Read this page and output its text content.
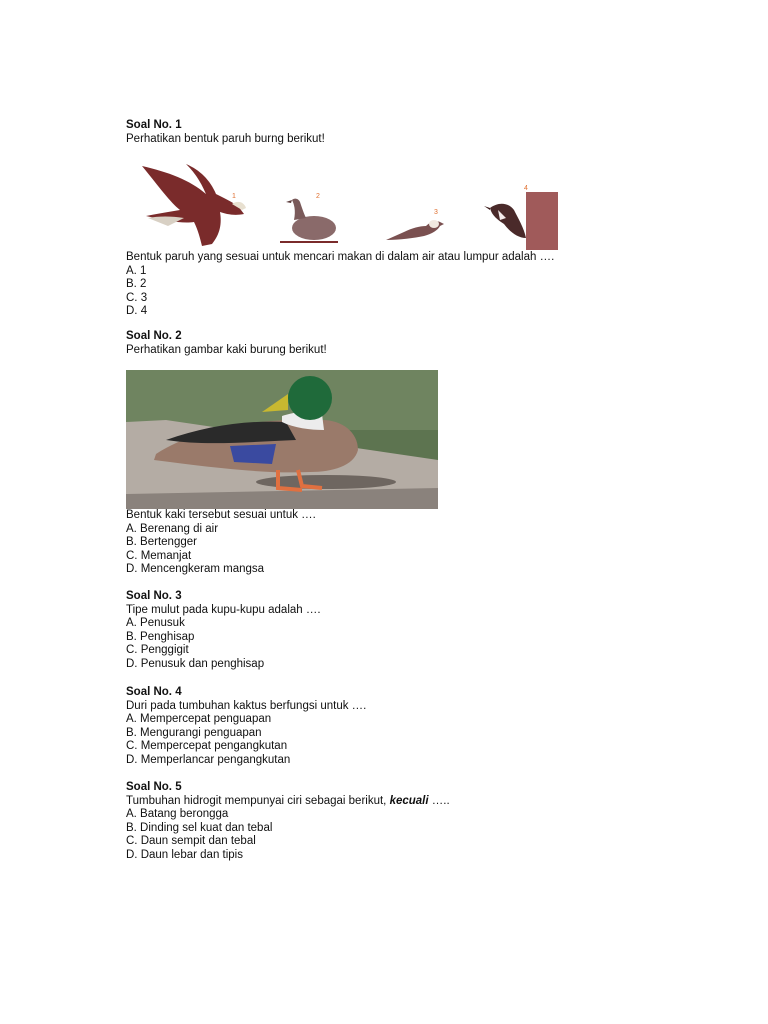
Soal No. 1

Perhatikan bentuk paruh burng berikut!

1	2
3
4

Bentuk paruh yang sesuai untuk mencari makan di dalam air atau lumpur adalah ….

A. 1

B. 2

C. 3

D. 4

Soal No. 2

Perhatikan gambar kaki burung berikut!

Bentuk kaki tersebut sesuai untuk ….

A. Berenang di air

B. Bertengger

C. Memanjat

D. Mencengkeram mangsa

Soal No. 3

Tipe mulut pada kupu-kupu adalah ….

A. Penusuk

B. Penghisap

C. Penggigit

D. Penusuk dan penghisap

Soal No. 4

Duri pada tumbuhan kaktus berfungsi untuk ….

A. Mempercepat penguapan

B. Mengurangi penguapan

C. Mempercepat pengangkutan

D. Memperlancar pengangkutan

Soal No. 5

Tumbuhan hidrogit mempunyai ciri sebagai berikut, kecuali …..

A. Batang berongga

B. Dinding sel kuat dan tebal

C. Daun sempit dan tebal

D. Daun lebar dan tipis
